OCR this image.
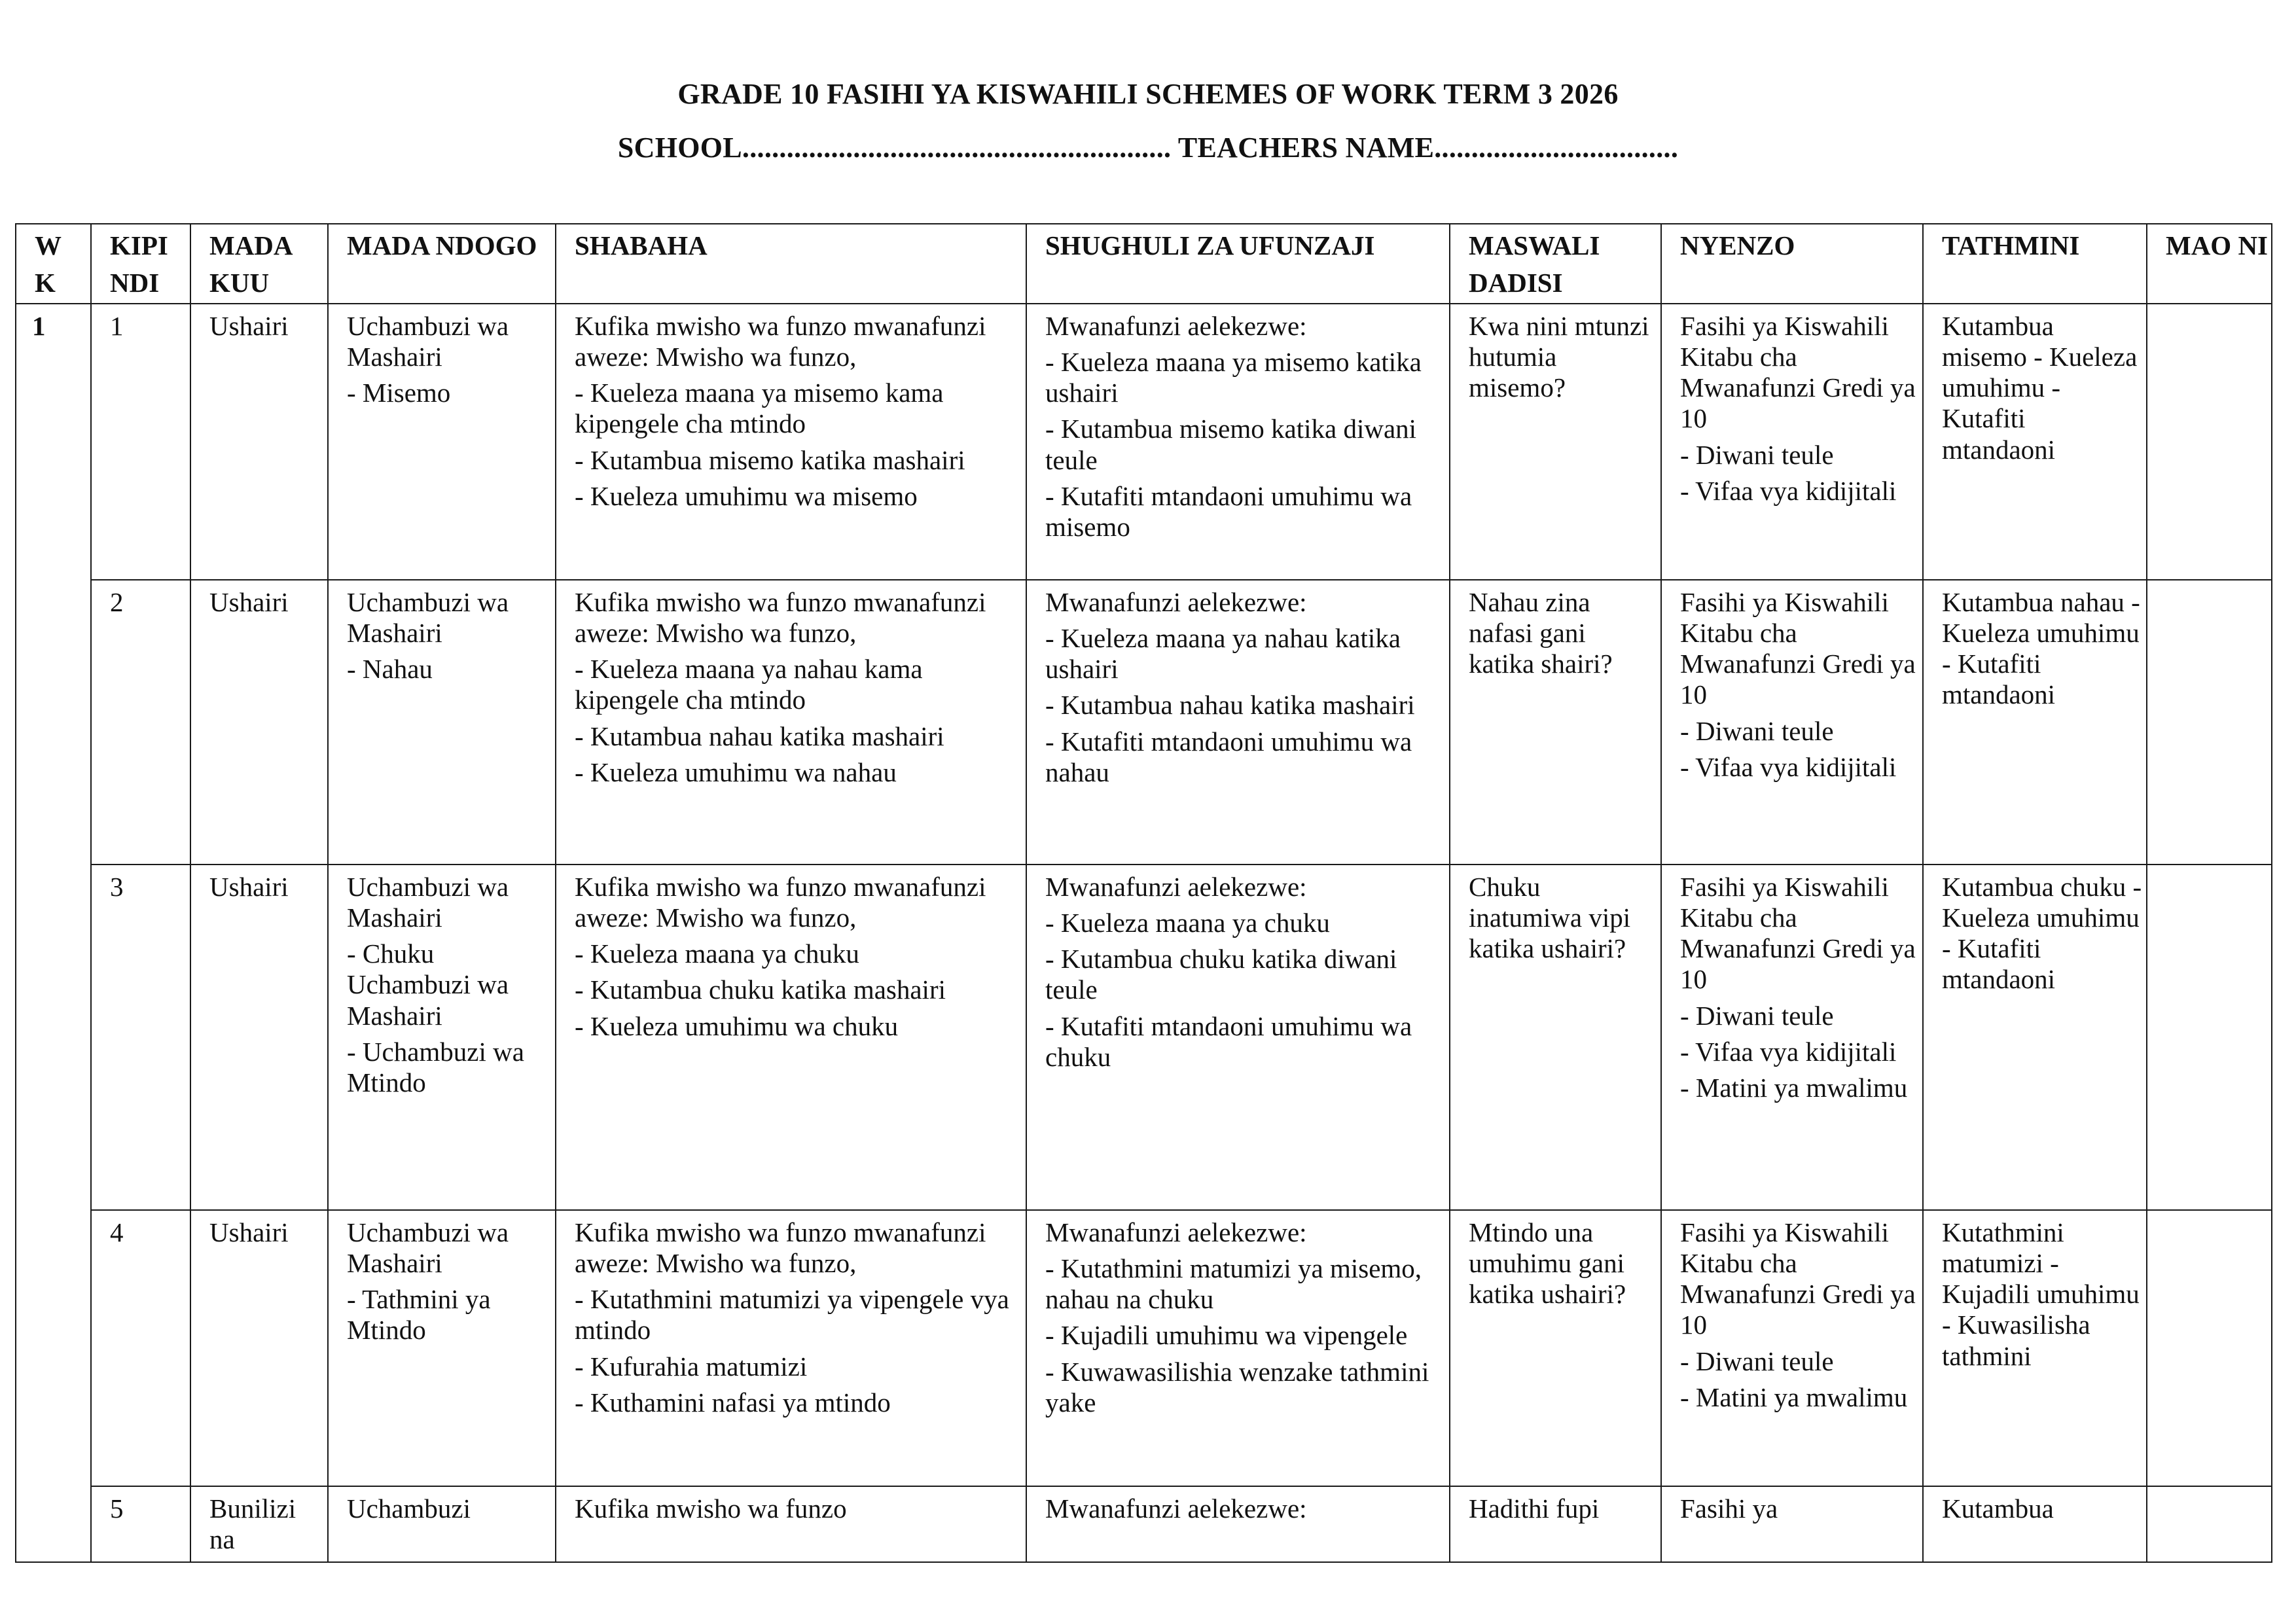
GRADE 10 FASIHI YA KISWAHILI SCHEMES OF WORK TERM 3 2026
SCHOOL.......................................................... TEACHERS NAME.................................
W K	KIPI NDI	MADA KUU	MADA NDOGO	SHABAHA	SHUGHULI ZA UFUNZAJI	MASWALI DADISI	NYENZO	TATHMINI	MAO NI
1	1	Ushairi	Uchambuzi wa Mashairi
- Misemo	Kufika mwisho wa funzo mwanafunzi aweze: Mwisho wa funzo,
- Kueleza maana ya misemo kama kipengele cha mtindo
- Kutambua misemo katika mashairi
- Kueleza umuhimu wa misemo	Mwanafunzi aelekezwe:
- Kueleza maana ya misemo katika ushairi
- Kutambua misemo katika diwani teule
- Kutafiti mtandaoni umuhimu wa misemo	Kwa nini mtunzi hutumia misemo?	Fasihi ya Kiswahili Kitabu cha Mwanafunzi Gredi ya 10
- Diwani teule
- Vifaa vya kidijitali	Kutambua misemo - Kueleza umuhimu - Kutafiti mtandaoni	

	2	Ushairi	Uchambuzi wa Mashairi
- Nahau	Kufika mwisho wa funzo mwanafunzi aweze: Mwisho wa funzo,
- Kueleza maana ya nahau kama kipengele cha mtindo
- Kutambua nahau katika mashairi
- Kueleza umuhimu wa nahau	Mwanafunzi aelekezwe:
- Kueleza maana ya nahau katika ushairi
- Kutambua nahau katika mashairi
- Kutafiti mtandaoni umuhimu wa nahau	Nahau zina nafasi gani katika shairi?	Fasihi ya Kiswahili Kitabu cha Mwanafunzi Gredi ya 10
- Diwani teule
- Vifaa vya kidijitali	Kutambua nahau - Kueleza umuhimu - Kutafiti mtandaoni	

	3	Ushairi	Uchambuzi wa Mashairi
- Chuku Uchambuzi wa Mashairi
- Uchambuzi wa Mtindo	Kufika mwisho wa funzo mwanafunzi aweze: Mwisho wa funzo,
- Kueleza maana ya chuku
- Kutambua chuku katika mashairi
- Kueleza umuhimu wa chuku	Mwanafunzi aelekezwe:
- Kueleza maana ya chuku
- Kutambua chuku katika diwani teule
- Kutafiti mtandaoni umuhimu wa chuku	Chuku inatumiwa vipi katika ushairi?	Fasihi ya Kiswahili Kitabu cha Mwanafunzi Gredi ya 10
- Diwani teule
- Vifaa vya kidijitali
- Matini ya mwalimu	Kutambua chuku - Kueleza umuhimu - Kutafiti mtandaoni	

	4	Ushairi	Uchambuzi wa Mashairi
- Tathmini ya Mtindo	Kufika mwisho wa funzo mwanafunzi aweze: Mwisho wa funzo,
- Kutathmini matumizi ya vipengele vya mtindo
- Kufurahia matumizi
- Kuthamini nafasi ya mtindo	Mwanafunzi aelekezwe:
- Kutathmini matumizi ya misemo, nahau na chuku
- Kujadili umuhimu wa vipengele
- Kuwawasilishia wenzake tathmini yake	Mtindo una umuhimu gani katika ushairi?	Fasihi ya Kiswahili Kitabu cha Mwanafunzi Gredi ya 10
- Diwani teule
- Matini ya mwalimu	Kutathmini matumizi - Kujadili umuhimu - Kuwasilisha tathmini	

	5	Bunilizi na	Uchambuzi	Kufika mwisho wa funzo	Mwanafunzi aelekezwe:	Hadithi fupi	Fasihi ya	Kutambua	
